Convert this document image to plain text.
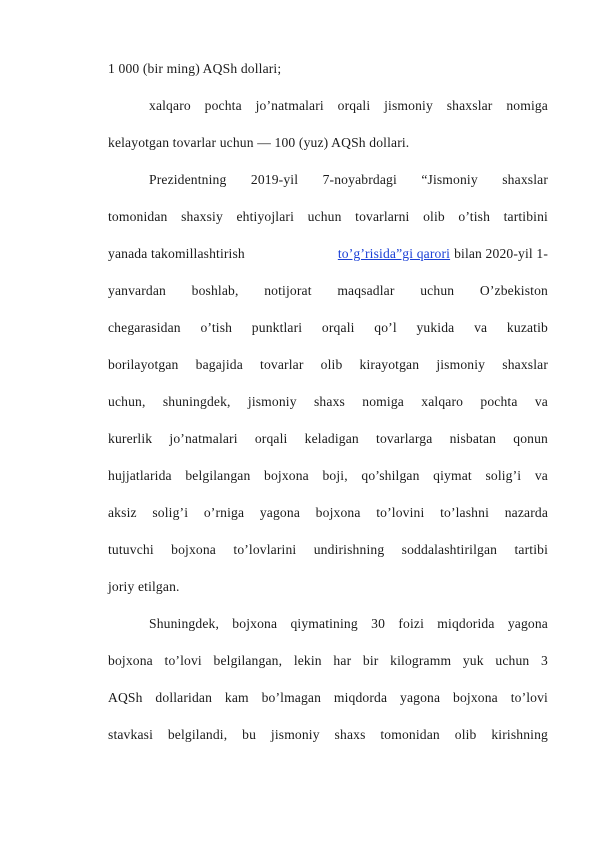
1 000 (bir ming) AQSh dollari;
xalqaro pochta jo’natmalari orqali jismoniy shaxslar nomiga
kelayotgan tovarlar uchun — 100 (yuz) AQSh dollari.
Prezidentning 2019-yil 7-noyabrdagi “Jismoniy shaxslar
tomonidan shaxsiy ehtiyojlari uchun tovarlarni olib o’tish tartibini
yanada takomillashtirish	to’g’risida”gi qarori bilan 2020-yil 1-
yanvardan boshlab, notijorat maqsadlar uchun O’zbekiston
chegarasidan o’tish punktlari orqali qo’l yukida va kuzatib
borilayotgan bagajida tovarlar olib kirayotgan jismoniy shaxslar
uchun, shuningdek, jismoniy shaxs nomiga xalqaro pochta va
kurerlik jo’natmalari orqali keladigan tovarlarga nisbatan qonun
hujjatlarida belgilangan bojxona boji, qo’shilgan qiymat solig’i va
aksiz solig’i o’rniga yagona bojxona to’lovini to’lashni nazarda
tutuvchi bojxona to’lovlarini undirishning soddalashtirilgan tartibi
joriy etilgan.
Shuningdek, bojxona qiymatining 30 foizi miqdorida yagona
bojxona to’lovi belgilangan, lekin har bir kilogramm yuk uchun 3
AQSh dollaridan kam bo’lmagan miqdorda yagona bojxona to’lovi
stavkasi belgilandi, bu jismoniy shaxs tomonidan olib kirishning
